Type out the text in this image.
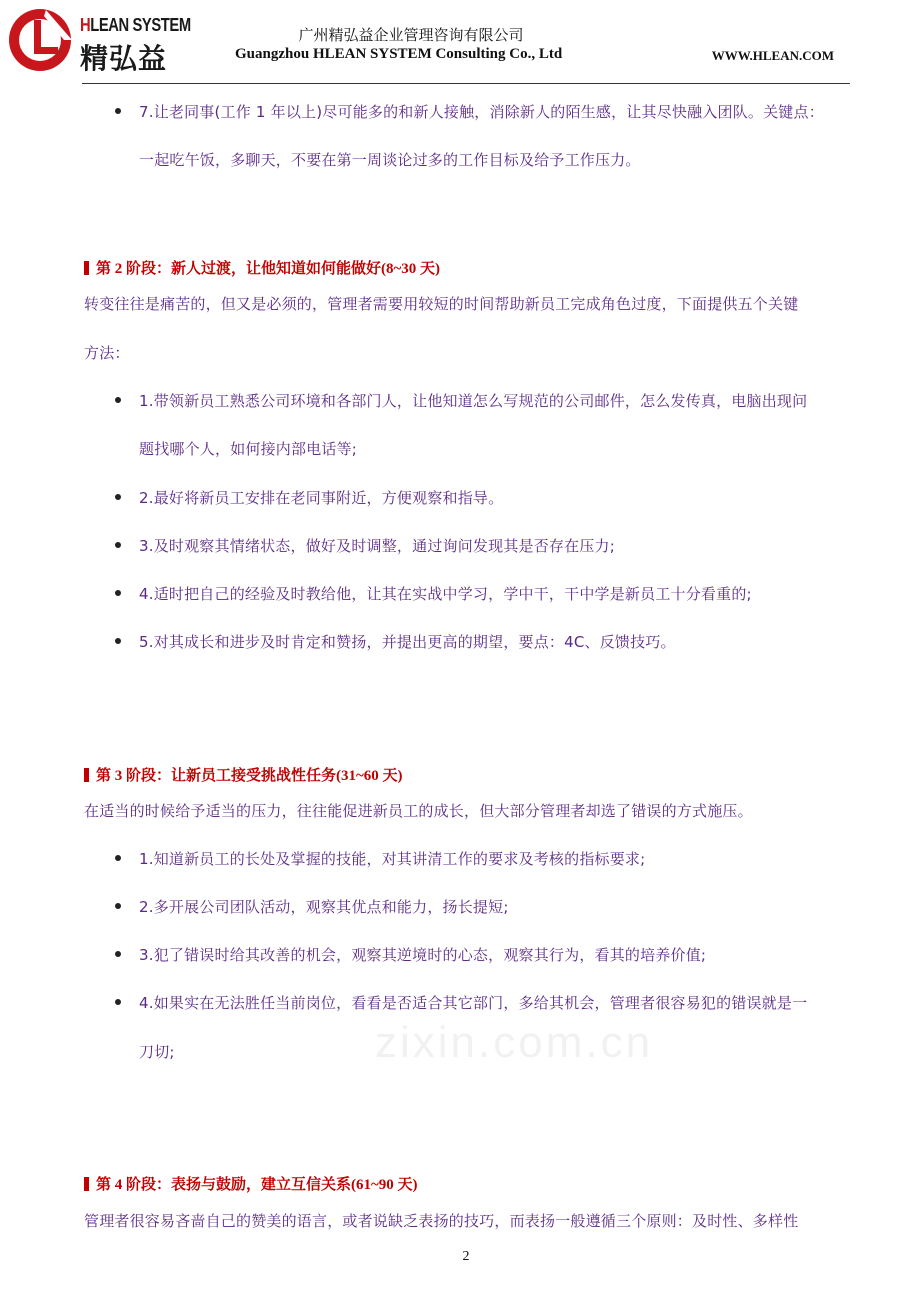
HLEAN SYSTEM
精弘益
广州精弘益企业管理咨询有限公司
Guangzhou HLEAN SYSTEM Consulting Co., Ltd	WWW.HLEAN.COM
7.让老同事(工作 1 年以上)尽可能多的和新人接触，消除新人的陌生感，让其尽快融入团队。关键点：
一起吃午饭，多聊天，不要在第一周谈论过多的工作目标及给予工作压力。
第 2 阶段：新人过渡，让他知道如何能做好(8~30 天)
转变往往是痛苦的，但又是必须的，管理者需要用较短的时间帮助新员工完成角色过度，下面提供五个关键
方法：
1.带领新员工熟悉公司环境和各部门人，让他知道怎么写规范的公司邮件，怎么发传真，电脑出现问
题找哪个人，如何接内部电话等;
2.最好将新员工安排在老同事附近，方便观察和指导。
3.及时观察其情绪状态，做好及时调整，通过询问发现其是否存在压力;
4.适时把自己的经验及时教给他，让其在实战中学习，学中干，干中学是新员工十分看重的;
5.对其成长和进步及时肯定和赞扬，并提出更高的期望，要点：4C、反馈技巧。
第 3 阶段：让新员工接受挑战性任务(31~60 天)
在适当的时候给予适当的压力，往往能促进新员工的成长，但大部分管理者却选了错误的方式施压。
1.知道新员工的长处及掌握的技能，对其讲清工作的要求及考核的指标要求;
2.多开展公司团队活动，观察其优点和能力，扬长提短;
3.犯了错误时给其改善的机会，观察其逆境时的心态，观察其行为，看其的培养价值;
4.如果实在无法胜任当前岗位，看看是否适合其它部门，多给其机会，管理者很容易犯的错误就是一
刀切;	zixin.com.cn
第 4 阶段：表扬与鼓励，建立互信关系(61~90 天)
管理者很容易吝啬自己的赞美的语言，或者说缺乏表扬的技巧，而表扬一般遵循三个原则：及时性、多样性
2
